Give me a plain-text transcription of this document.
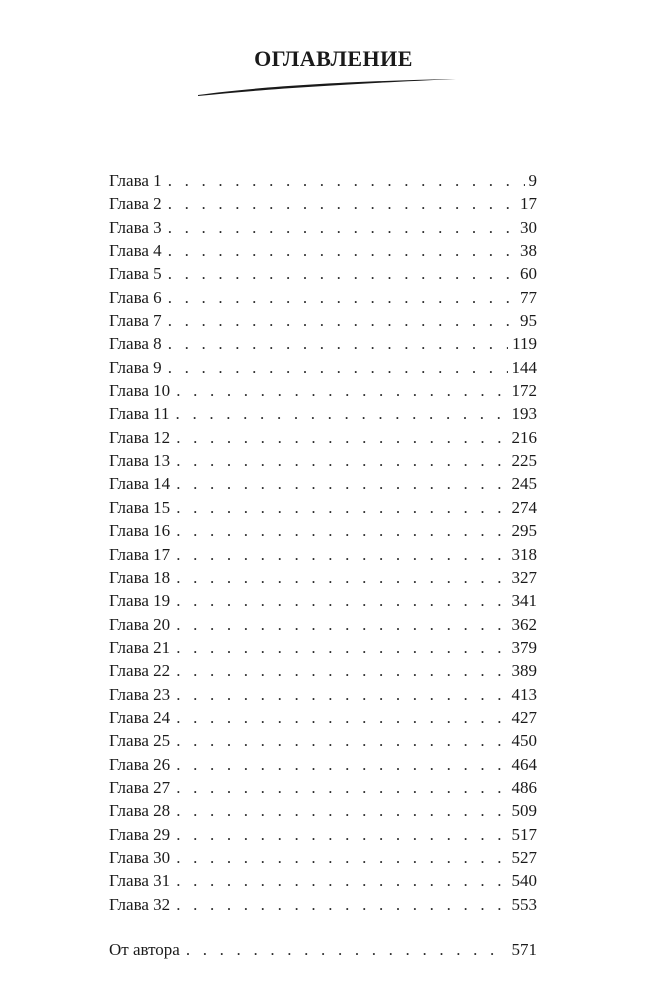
ОГЛАВЛЕНИЕ
Глава 1 . . .	9
Глава 2 . . .	17
Глава 3 . . .	30
Глава 4 . . .	38
Глава 5 . . .	60
Глава 6 . . .	77
Глава 7 . . .	95
Глава 8 . . .	119
Глава 9 . . .	144
Глава 10 . . .	172
Глава 11 . . .	193
Глава 12 . . .	216
Глава 13 . . .	225
Глава 14 . . .	245
Глава 15 . . .	274
Глава 16 . . .	295
Глава 17 . . .	318
Глава 18 . . .	327
Глава 19 . . .	341
Глава 20 . . .	362
Глава 21 . . .	379
Глава 22 . . .	389
Глава 23 . . .	413
Глава 24 . . .	427
Глава 25 . . .	450
Глава 26 . . .	464
Глава 27 . . .	486
Глава 28 . . .	509
Глава 29 . . .	517
Глава 30 . . .	527
Глава 31 . . .	540
Глава 32 . . .	553
От автора . . .	571
